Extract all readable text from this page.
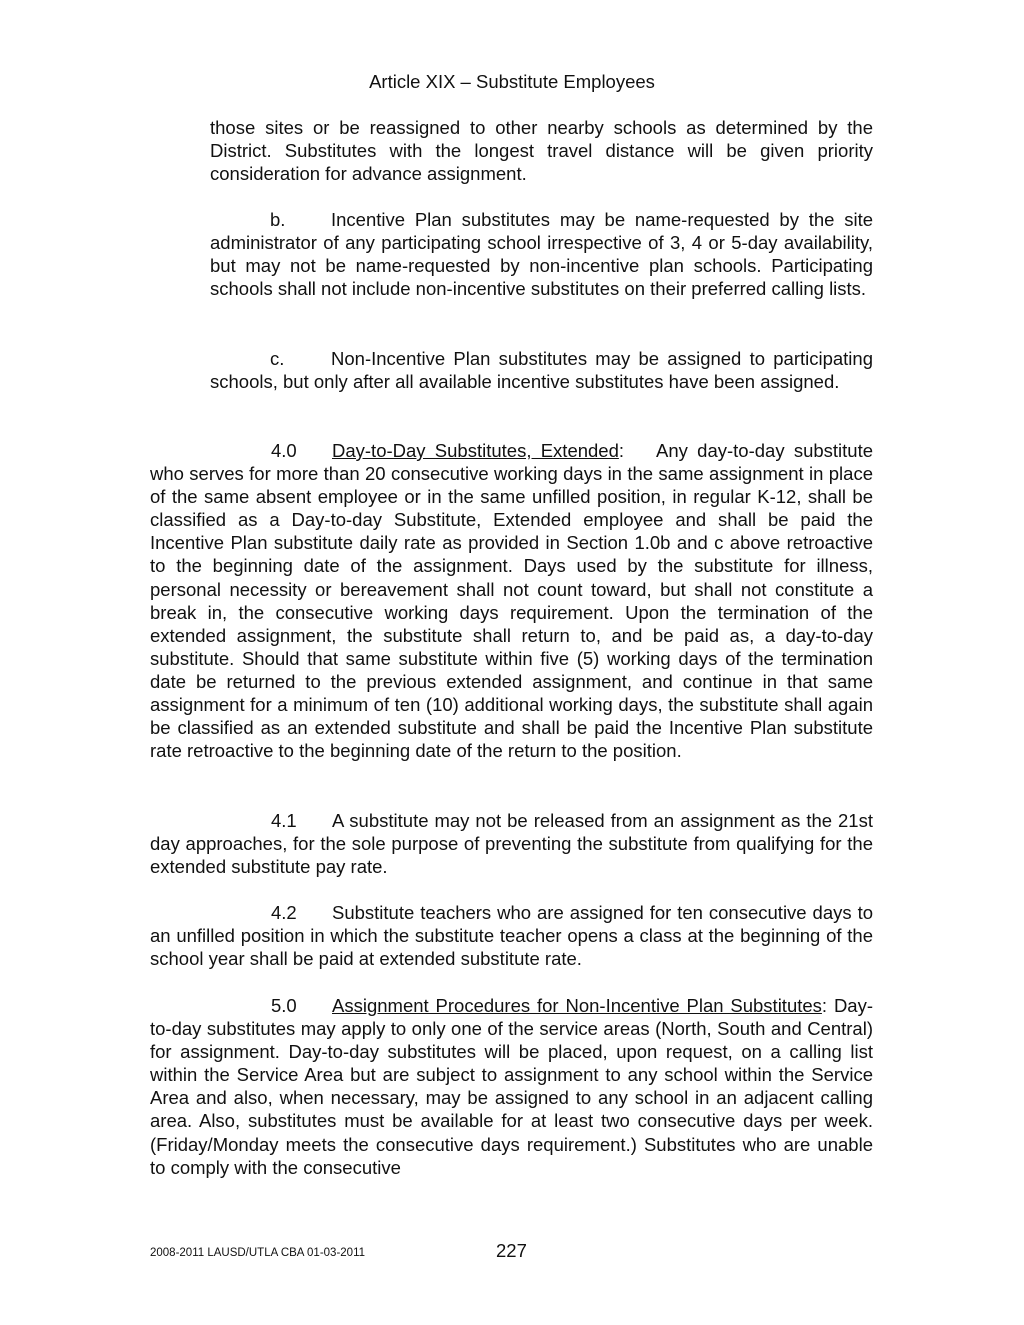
Article XIX – Substitute Employees

those sites or be reassigned to other nearby schools as determined by the District. Substitutes with the longest travel distance will be given priority consideration for advance assignment.

b. Incentive Plan substitutes may be name-requested by the site administrator of any participating school irrespective of 3, 4 or 5-day availability, but may not be name-requested by non-incentive plan schools. Participating schools shall not include non-incentive substitutes on their preferred calling lists.

c.	Non-Incentive Plan substitutes may be assigned to participating schools, but only after all available incentive substitutes have been assigned.

4.0 Day-to-Day Substitutes, Extended: Any day-to-day substitute who serves for more than 20 consecutive working days in the same assignment in place of the same absent employee or in the same unfilled position, in regular K-12, shall be classified as a Day-to-day Substitute, Extended employee and shall be paid the Incentive Plan substitute daily rate as provided in Section 1.0b and c above retroactive to the beginning date of the assignment. Days used by the substitute for illness, personal necessity or bereavement shall not count toward, but shall not constitute a break in, the consecutive working days requirement. Upon the termination of the extended assignment, the substitute shall return to, and be paid as, a day-to-day substitute. Should that same substitute within five (5) working days of the termination date be returned to the previous extended assignment, and continue in that same assignment for a minimum of ten (10) additional working days, the substitute shall again be classified as an extended substitute and shall be paid the Incentive Plan substitute rate retroactive to the beginning date of the return to the position.

4.1 A substitute may not be released from an assignment as the 21st day approaches, for the sole purpose of preventing the substitute from qualifying for the extended substitute pay rate.

4.2 Substitute teachers who are assigned for ten consecutive days to an unfilled position in which the substitute teacher opens a class at the beginning of the school year shall be paid at extended substitute rate.

5.0 Assignment Procedures for Non-Incentive Plan Substitutes: Day-to-day substitutes may apply to only one of the service areas (North, South and Central) for assignment. Day-to-day substitutes will be placed, upon request, on a calling list within the Service Area but are subject to assignment to any school within the Service Area and also, when necessary, may be assigned to any school in an adjacent calling area. Also, substitutes must be available for at least two consecutive days per week. (Friday/Monday meets the consecutive days requirement.) Substitutes who are unable to comply with the consecutive

2008-2011 LAUSD/UTLA CBA 01-03-2011	227
